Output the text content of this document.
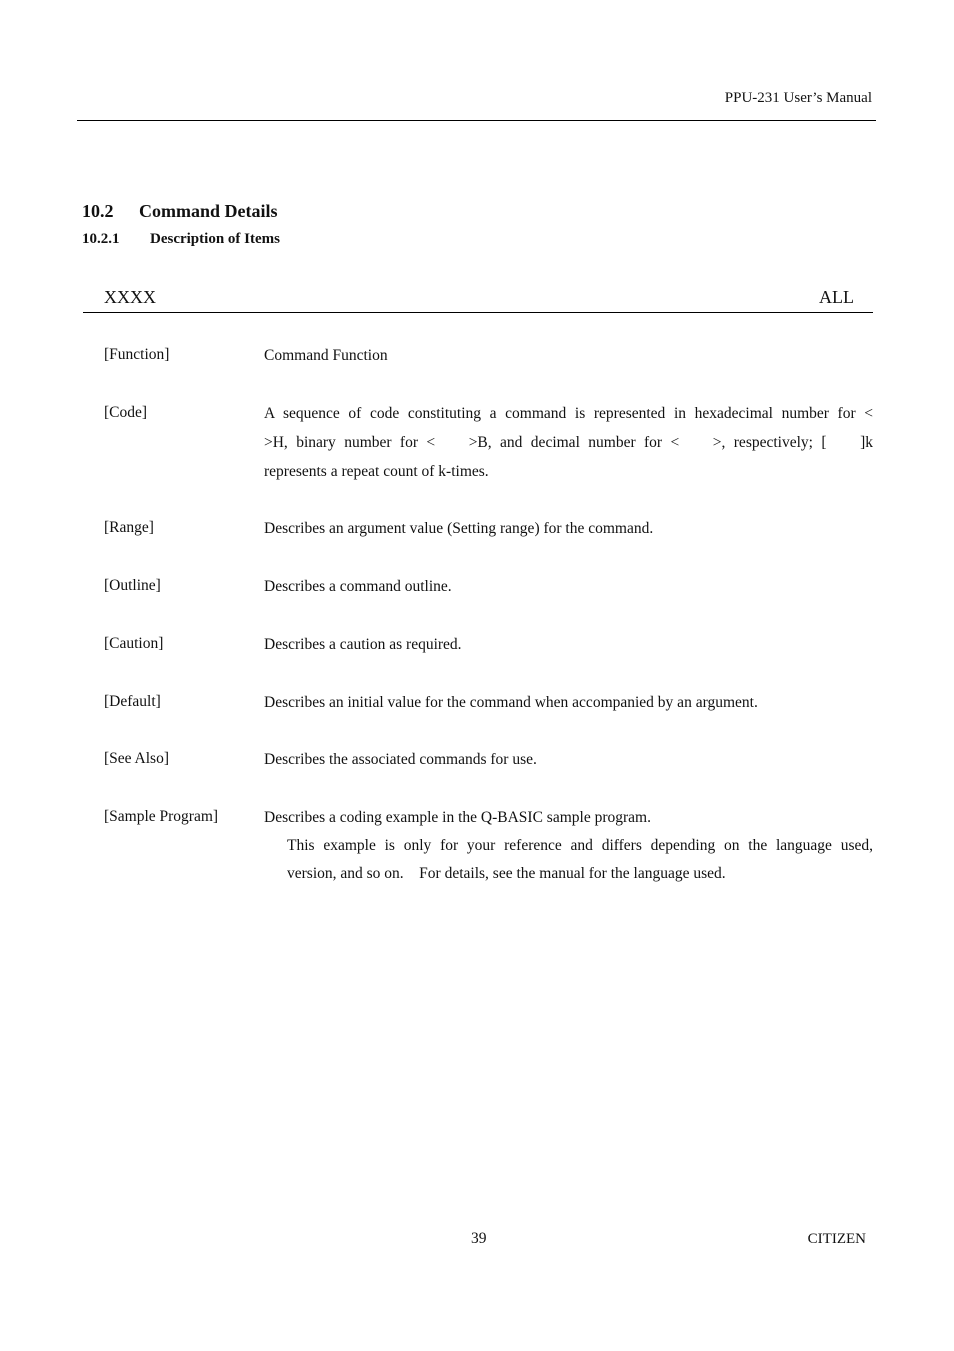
PPU-231 User’s Manual
10.2 Command Details
10.2.1 Description of Items
XXXX	ALL
[Function]	Command Function

[Code]	A sequence of code constituting a command is represented in hexadecimal number for <

>H, binary number for <    >B, and decimal number for <    >, respectively; [    ]k

represents a repeat count of k-times.

[Range]	Describes an argument value (Setting range) for the command.

[Outline]	Describes a command outline.

[Caution]	Describes a caution as required.

[Default]	Describes an initial value for the command when accompanied by an argument.

[See Also]	Describes the associated commands for use.

[Sample Program]	Describes a coding example in the Q-BASIC sample program.

This example is only for your reference and differs depending on the language used,

version, and so on.　For details, see the manual for the language used.

39	CITIZEN
